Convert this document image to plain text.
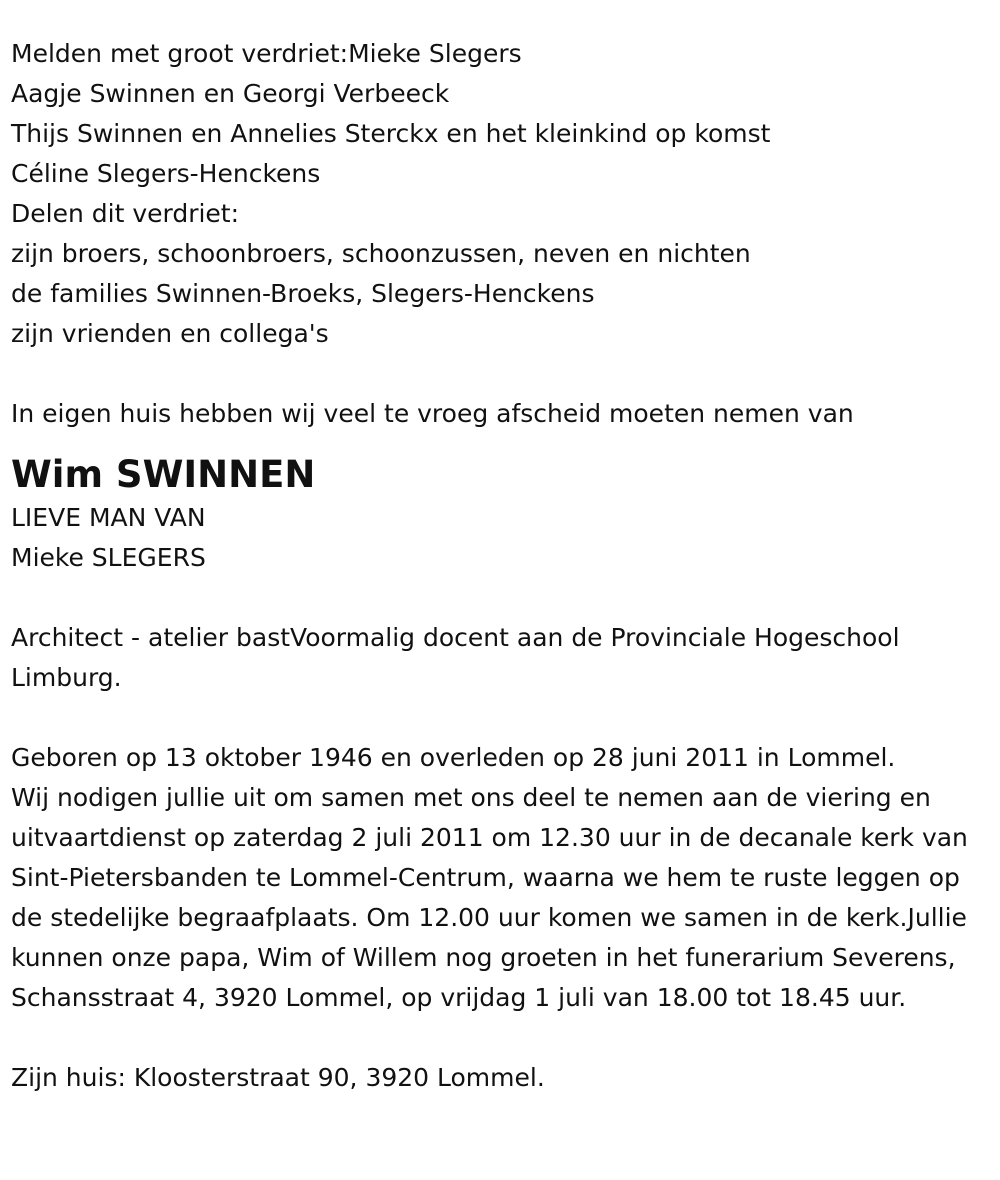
Melden met groot verdriet:Mieke Slegers
Aagje Swinnen en Georgi Verbeeck
Thijs Swinnen en Annelies Sterckx en het kleinkind op komst
Céline Slegers-Henckens
Delen dit verdriet:
zijn broers, schoonbroers, schoonzussen, neven en nichten
de families Swinnen-Broeks, Slegers-Henckens
zijn vrienden en collega's
In eigen huis hebben wij veel te vroeg afscheid moeten nemen van
Wim SWINNEN
LIEVE MAN VAN
Mieke SLEGERS

Architect - atelier bastVoormalig docent aan de Provinciale Hogeschool Limburg.

Geboren op 13 oktober 1946 en overleden op 28 juni 2011 in Lommel.

Wij nodigen jullie uit om samen met ons deel te nemen aan de viering en uitvaartdienst op zaterdag 2 juli 2011 om 12.30 uur in de decanale kerk van Sint-Pietersbanden te Lommel-Centrum, waarna we hem te ruste leggen op de stedelijke begraafplaats. Om 12.00 uur komen we samen in de kerk.Jullie kunnen onze papa, Wim of Willem nog groeten in het funerarium Severens, Schansstraat 4, 3920 Lommel, op vrijdag 1 juli van 18.00 tot 18.45 uur.

Zijn huis: Kloosterstraat 90, 3920 Lommel.
